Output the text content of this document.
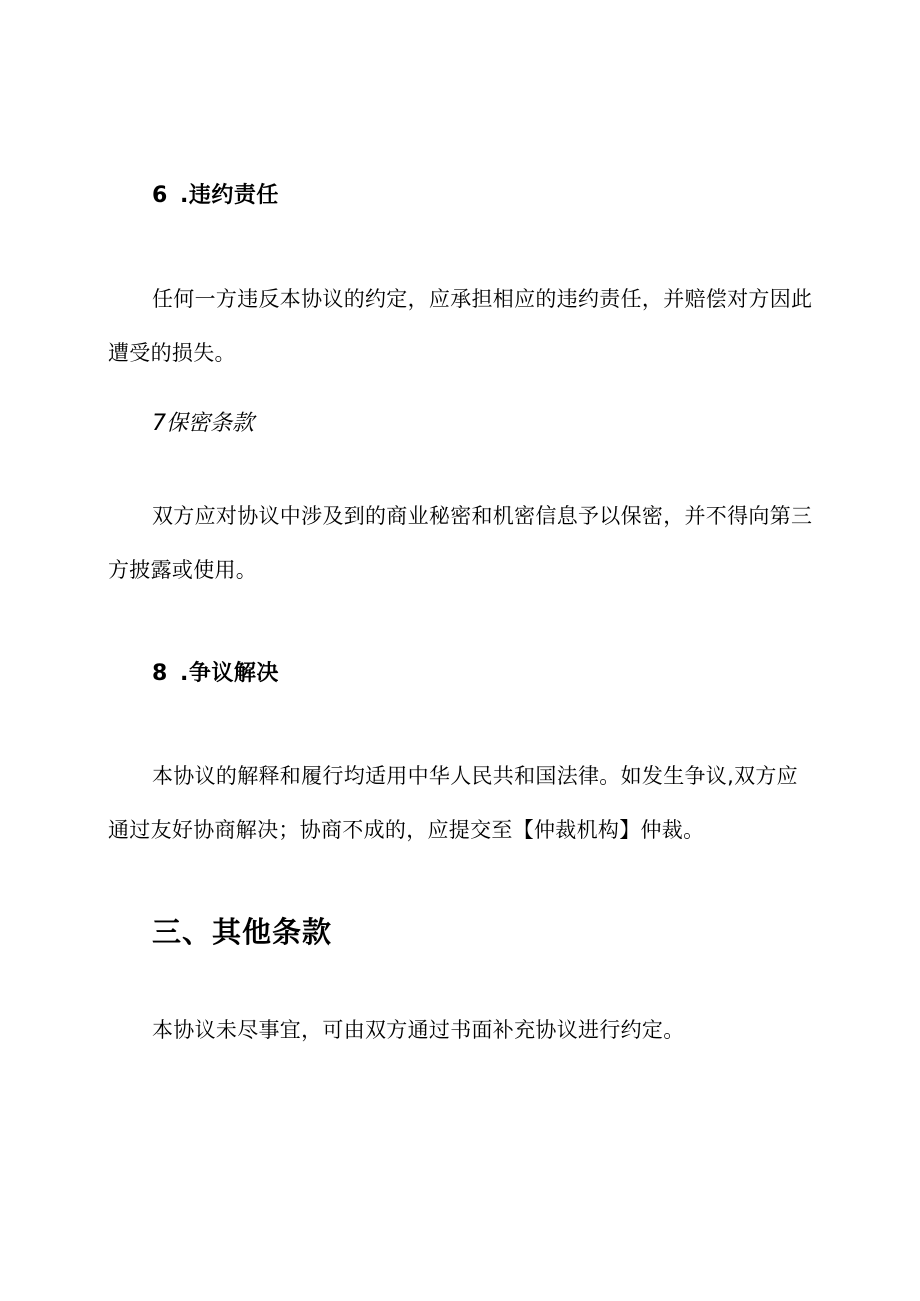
6 .违约责任

任何一方违反本协议的约定，应承担相应的违约责任，并赔偿对方因此遭受的损失。

7保密条款

双方应对协议中涉及到的商业秘密和机密信息予以保密，并不得向第三方披露或使用。

8 .争议解决

本协议的解释和履行均适用中华人民共和国法律。如发生争议,双方应通过友好协商解决；协商不成的，应提交至【仲裁机构】仲裁。

三、其他条款

本协议未尽事宜，可由双方通过书面补充协议进行约定。
